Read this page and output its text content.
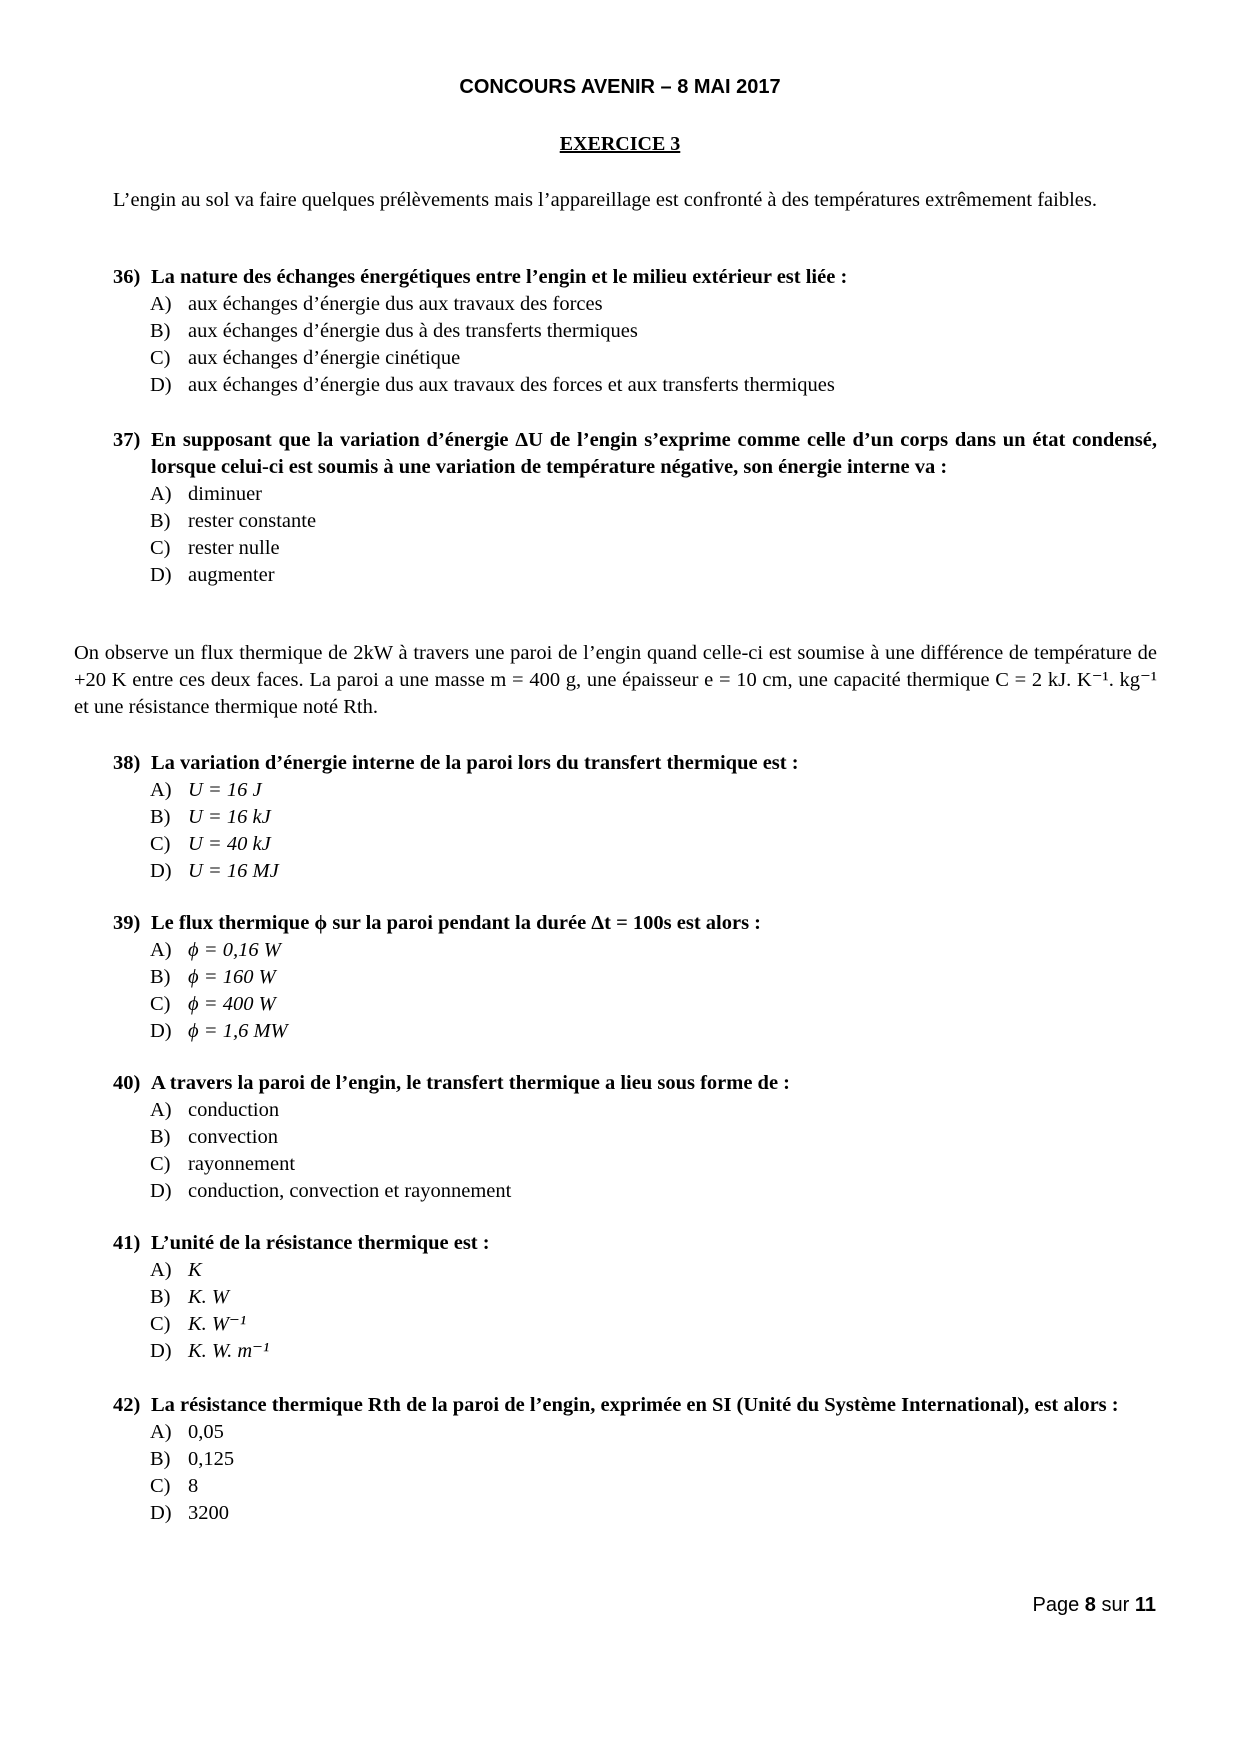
CONCOURS AVENIR – 8 MAI 2017
EXERCICE 3
L’engin au sol va faire quelques prélèvements mais l’appareillage est confronté à des températures extrêmement faibles.
36) La nature des échanges énergétiques entre l’engin et le milieu extérieur est liée :
A) aux échanges d’énergie dus aux travaux des forces
B) aux échanges d’énergie dus à des transferts thermiques
C) aux échanges d’énergie cinétique
D) aux échanges d’énergie dus aux travaux des forces et aux transferts thermiques
37) En supposant que la variation d’énergie ΔU de l’engin s’exprime comme celle d’un corps dans un état condensé, lorsque celui-ci est soumis à une variation de température négative, son énergie interne va :
A) diminuer
B) rester constante
C) rester nulle
D) augmenter
On observe un flux thermique de 2kW à travers une paroi de l’engin quand celle-ci est soumise à une différence de température de +20 K entre ces deux faces. La paroi a une masse m = 400 g, une épaisseur e = 10 cm, une capacité thermique C = 2 kJ. K⁻¹. kg⁻¹ et une résistance thermique noté Rth.
38) La variation d’énergie interne de la paroi lors du transfert thermique est :
A) U = 16 J
B) U = 16 kJ
C) U = 40 kJ
D) U = 16 MJ
39) Le flux thermique ϕ sur la paroi pendant la durée Δt = 100s est alors :
A) ϕ = 0,16 W
B) ϕ = 160 W
C) ϕ = 400 W
D) ϕ = 1,6 MW
40) A travers la paroi de l’engin, le transfert thermique a lieu sous forme de :
A) conduction
B) convection
C) rayonnement
D) conduction, convection et rayonnement
41) L’unité de la résistance thermique est :
A) K
B) K. W
C) K. W⁻¹
D) K. W. m⁻¹
42) La résistance thermique Rth de la paroi de l’engin, exprimée en SI (Unité du Système International), est alors :
A) 0,05
B) 0,125
C) 8
D) 3200
Page 8 sur 11
